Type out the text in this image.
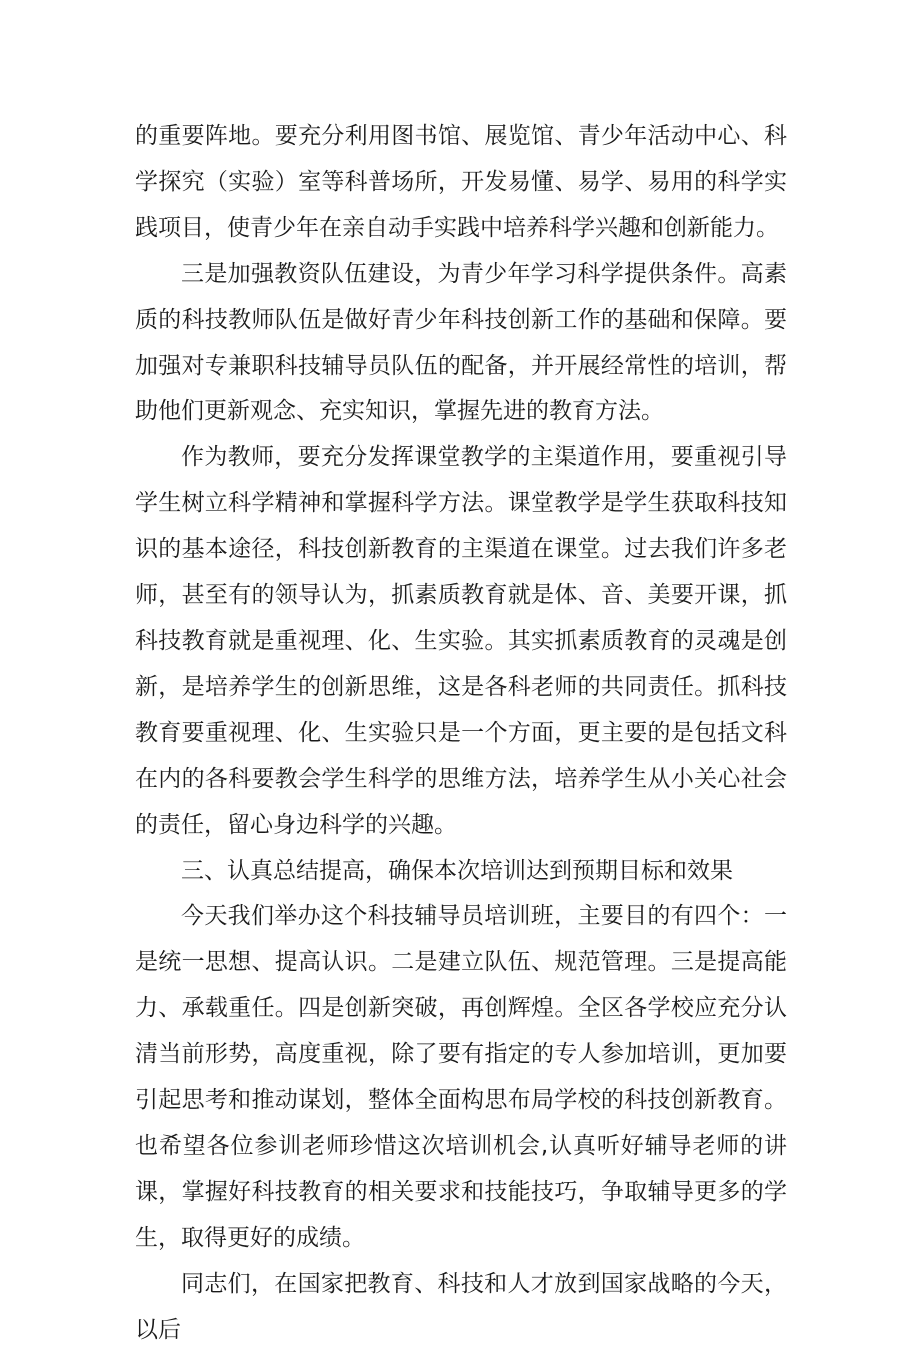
的重要阵地。要充分利用图书馆、展览馆、青少年活动中心、科学探究（实验）室等科普场所，开发易懂、易学、易用的科学实践项目，使青少年在亲自动手实践中培养科学兴趣和创新能力。

三是加强教资队伍建设，为青少年学习科学提供条件。高素质的科技教师队伍是做好青少年科技创新工作的基础和保障。要加强对专兼职科技辅导员队伍的配备，并开展经常性的培训，帮助他们更新观念、充实知识，掌握先进的教育方法。

作为教师，要充分发挥课堂教学的主渠道作用，要重视引导学生树立科学精神和掌握科学方法。课堂教学是学生获取科技知识的基本途径，科技创新教育的主渠道在课堂。过去我们许多老师，甚至有的领导认为，抓素质教育就是体、音、美要开课，抓科技教育就是重视理、化、生实验。其实抓素质教育的灵魂是创新，是培养学生的创新思维，这是各科老师的共同责任。抓科技教育要重视理、化、生实验只是一个方面，更主要的是包括文科在内的各科要教会学生科学的思维方法，培养学生从小关心社会的责任，留心身边科学的兴趣。

三、认真总结提高，确保本次培训达到预期目标和效果

今天我们举办这个科技辅导员培训班，主要目的有四个：一是统一思想、提高认识。二是建立队伍、规范管理。三是提高能力、承载重任。四是创新突破，再创辉煌。全区各学校应充分认清当前形势，高度重视，除了要有指定的专人参加培训，更加要引起思考和推动谋划，整体全面构思布局学校的科技创新教育。也希望各位参训老师珍惜这次培训机会,认真听好辅导老师的讲课，掌握好科技教育的相关要求和技能技巧，争取辅导更多的学生，取得更好的成绩。

同志们，在国家把教育、科技和人才放到国家战略的今天，以后
